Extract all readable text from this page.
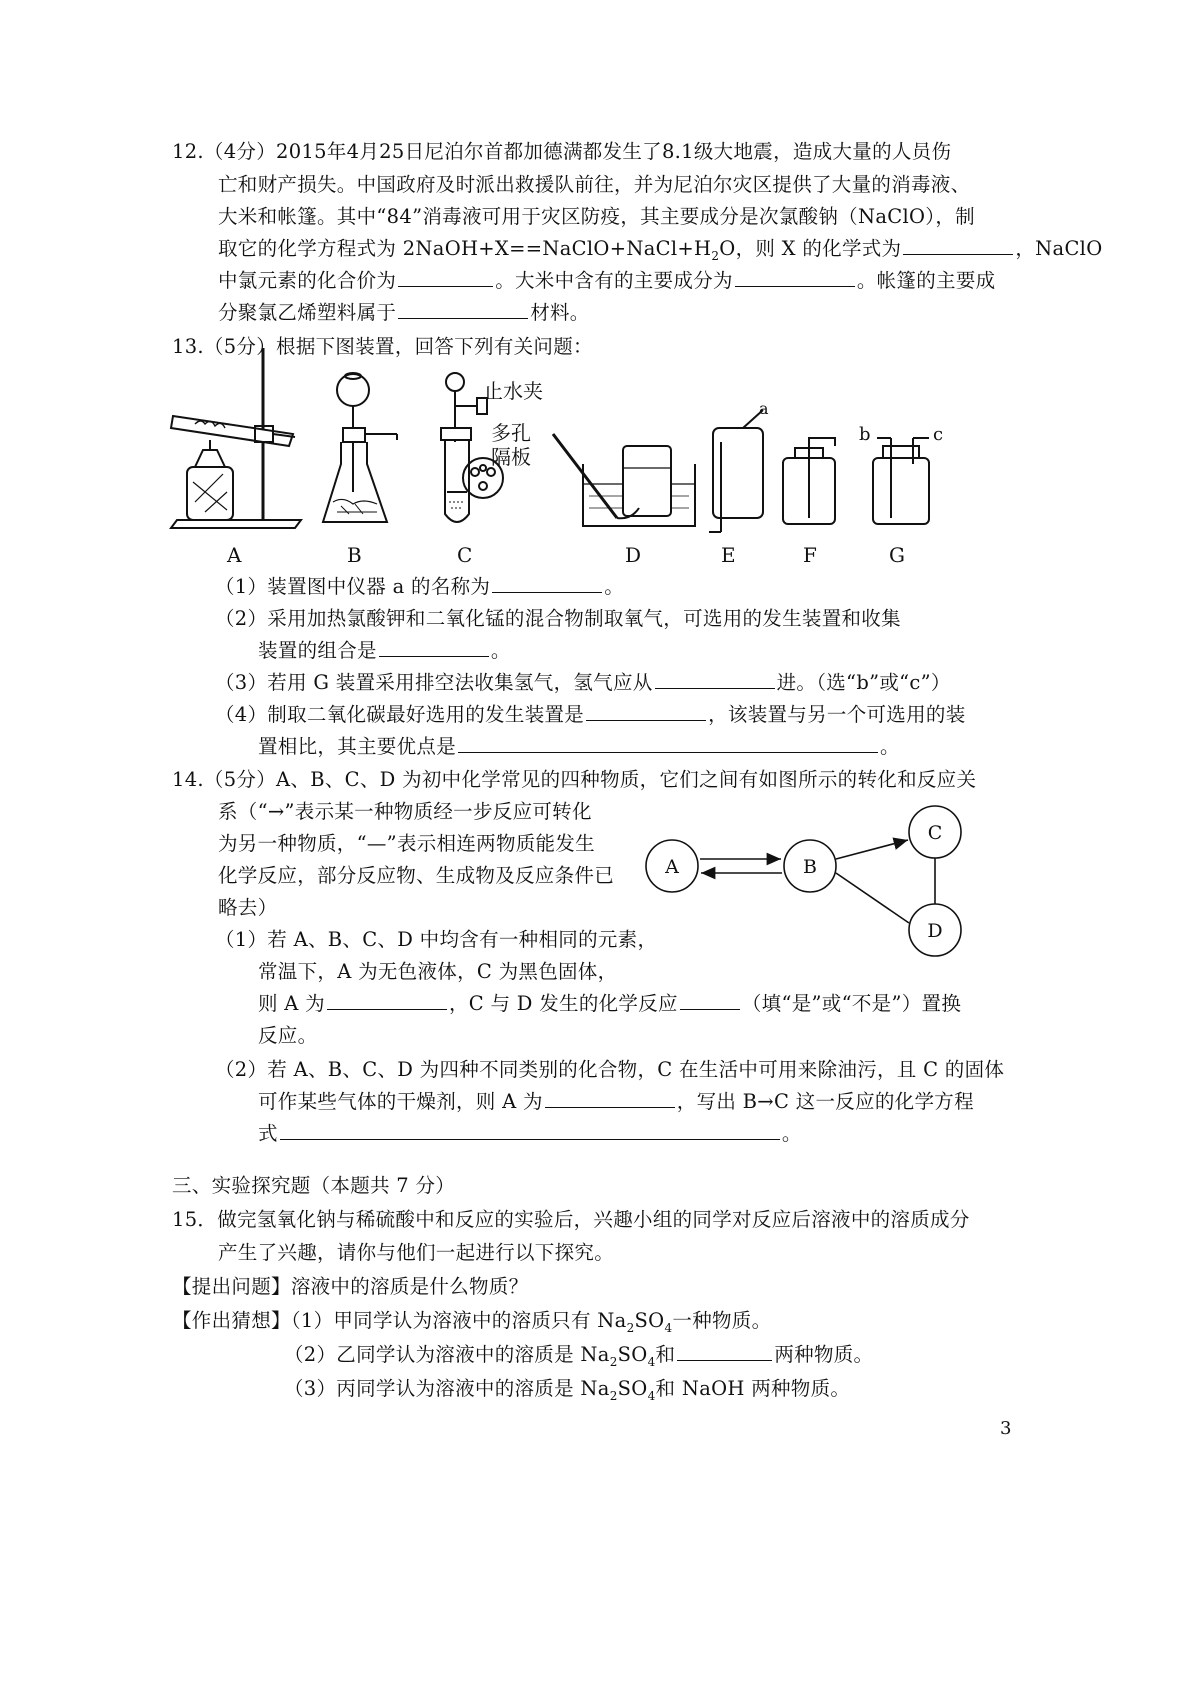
12.（4分）2015年4月25日尼泊尔首都加德满都发生了8.1级大地震，造成大量的人员伤
亡和财产损失。中国政府及时派出救援队前往，并为尼泊尔灾区提供了大量的消毒液、
大米和帐篷。其中“84”消毒液可用于灾区防疫，其主要成分是次氯酸钠（NaClO），制
取它的化学方程式为 $2NaOH+X==NaClO+NaCl+H_2O$，则 X 的化学式为	，NaClO
中氯元素的化合价为	。大米中含有的主要成分为	。帐篷的主要成
分聚氯乙烯塑料属于	材料。
13.（5分）根据下图装置，回答下列有关问题：
A	B
止水夹
多孔
隔板
C	D
a
E	F
b	c
G
（1）装置图中仪器 a 的名称为	。
（2）采用加热氯酸钾和二氧化锰的混合物制取氧气，可选用的发生装置和收集
装置的组合是	。
（3）若用 G 装置采用排空法收集氢气，氢气应从	进。（选“b”或“c”）
（4）制取二氧化碳最好选用的发生装置是	，该装置与另一个可选用的装
置相比，其主要优点是	。
14.（5分）A、B、C、D 为初中化学常见的四种物质，它们之间有如图所示的转化和反应关
系（“→”表示某一种物质经一步反应可转化
为另一种物质，“—”表示相连两物质能发生
化学反应，部分反应物、生成物及反应条件已
略去）
A	B
C
D
（1）若 A、B、C、D 中均含有一种相同的元素，
常温下，A 为无色液体，C 为黑色固体，
则 A 为	，C 与 D 发生的化学反应	（填“是”或“不是”）置换
反应。
（2）若 A、B、C、D 为四种不同类别的化合物，C 在生活中可用来除油污，且 C 的固体
可作某些气体的干燥剂，则 A 为	，写出 B→C 这一反应的化学方程
式	。
三、实验探究题（本题共 7 分）
15．做完氢氧化钠与稀硫酸中和反应的实验后，兴趣小组的同学对反应后溶液中的溶质成分
产生了兴趣，请你与他们一起进行以下探究。
【提出问题】溶液中的溶质是什么物质？
【作出猜想】（1）甲同学认为溶液中的溶质只有 $Na_2SO_4$一种物质。
（2）乙同学认为溶液中的溶质是 $Na_2SO_4$和	两种物质。
（3）丙同学认为溶液中的溶质是 $Na_2SO_4$和 NaOH 两种物质。
3
